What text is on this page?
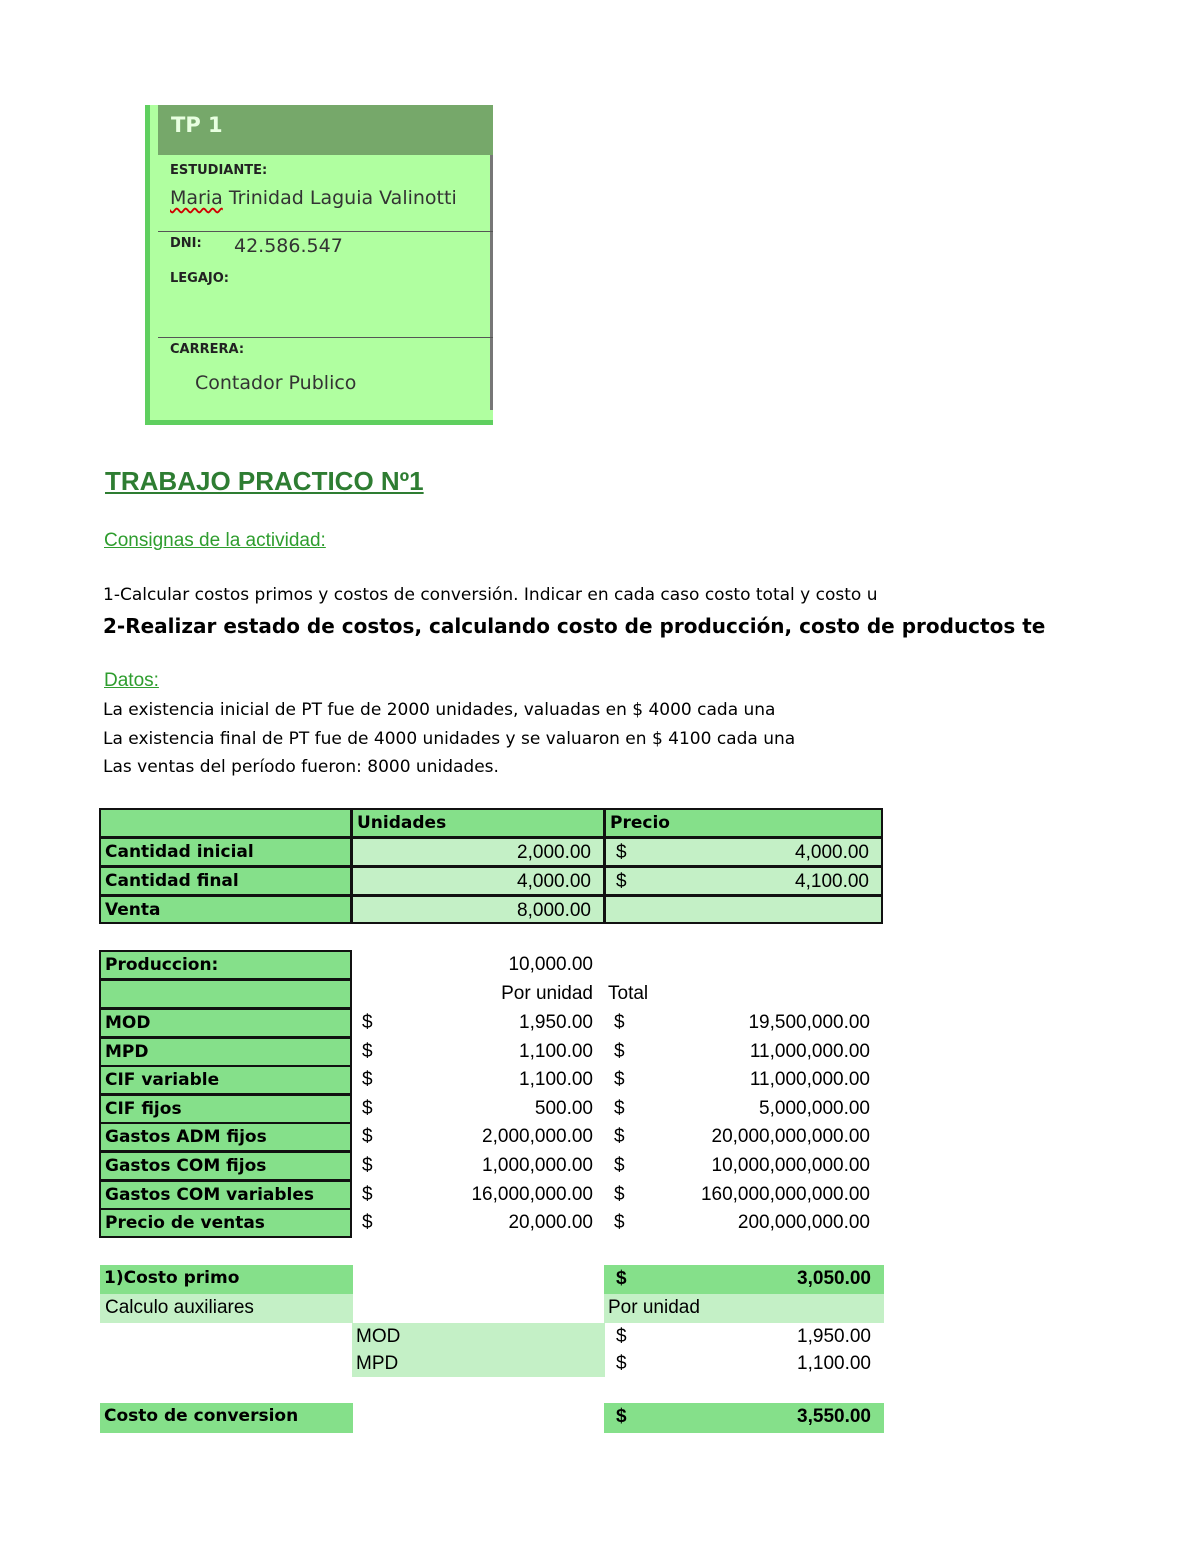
TP 1
ESTUDIANTE:
Maria Trinidad Laguia Valinotti
DNI: 42.586.547
LEGAJO:
CARRERA:
Contador Publico
TRABAJO PRACTICO Nº1
Consignas de la actividad:
1-Calcular costos primos y costos de conversión. Indicar en cada caso costo total y costo u
2-Realizar estado de costos, calculando costo de producción, costo de productos te
Datos:
La existencia inicial de PT fue de 2000 unidades, valuadas en $ 4000 cada una
La existencia final de PT fue de 4000 unidades y se valuaron en $ 4100 cada una
Las ventas del período fueron: 8000 unidades.
Unidades	Precio
Cantidad inicial	2,000.00	$	4,000.00
Cantidad final	4,000.00	$	4,100.00
Venta	8,000.00
Produccion:	10,000.00
Por unidad Total
MOD	$	1,950.00 $	19,500,000.00
MPD	$	1,100.00 $	11,000,000.00
CIF variable	$	1,100.00 $	11,000,000.00
CIF fijos	$	500.00 $	5,000,000.00
Gastos ADM fijos	$	2,000,000.00 $	20,000,000,000.00
Gastos COM fijos	$	1,000,000.00 $	10,000,000,000.00
Gastos COM variables	$	16,000,000.00 $	160,000,000,000.00
Precio de ventas	$	20,000.00 $	200,000,000.00
1)Costo primo	$	3,050.00
Calculo auxiliares	Por unidad
MOD	$	1,950.00
MPD	$	1,100.00
Costo de conversion	$	3,550.00
